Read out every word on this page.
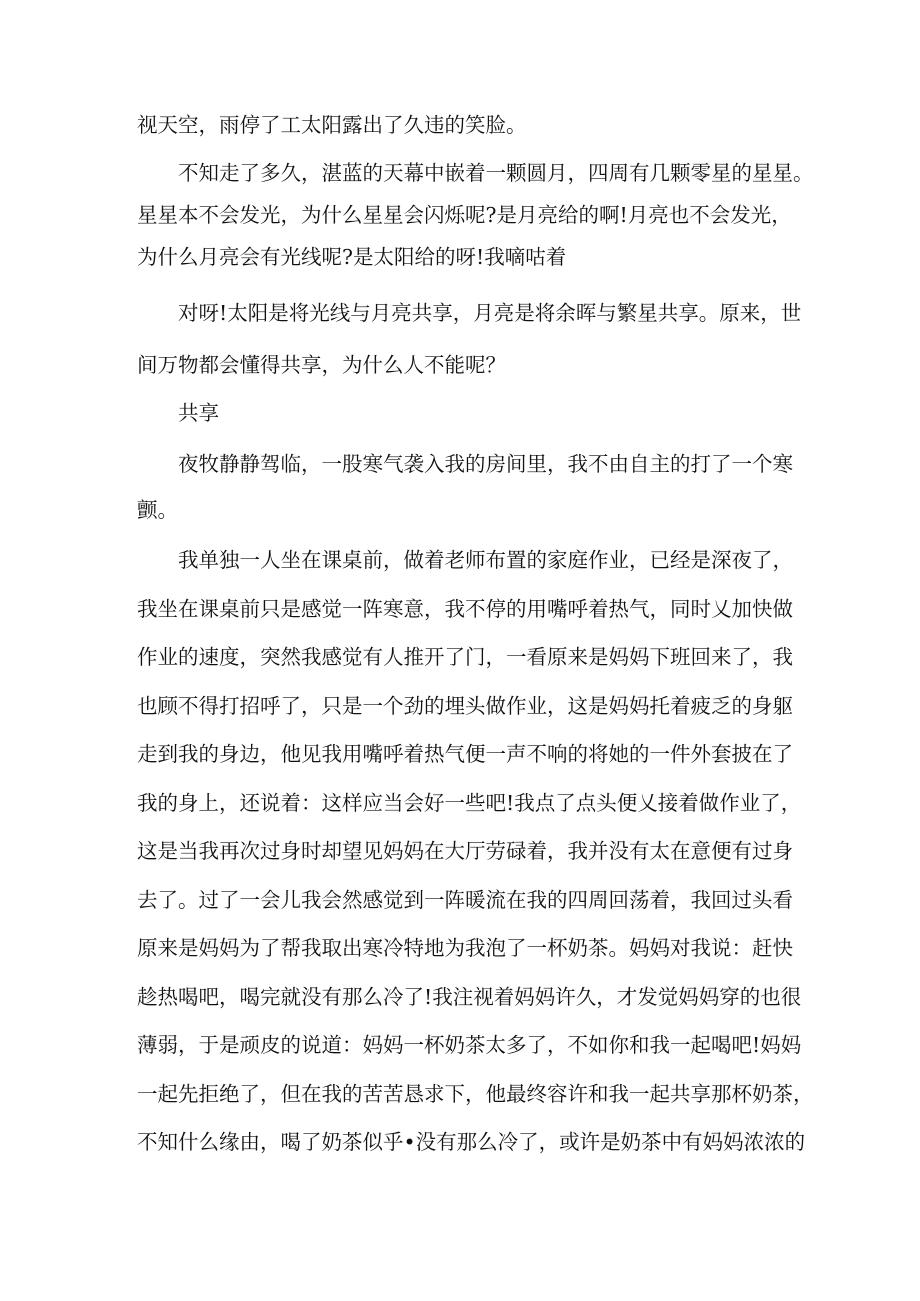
视天空，雨停了工太阳露出了久违的笑脸。

不知走了多久，湛蓝的天幕中嵌着一颗圆月，四周有几颗零星的星星。

星星本不会发光，为什么星星会闪烁呢?是月亮给的啊!月亮也不会发光，

为什么月亮会有光线呢?是太阳给的呀!我嘀咕着

对呀!太阳是将光线与月亮共享，月亮是将余晖与繁星共享。原来，世

间万物都会懂得共享，为什么人不能呢？

共享

夜牧静静驾临，一股寒气袭入我的房间里，我不由自主的打了一个寒

颤。

我单独一人坐在课桌前，做着老师布置的家庭作业，已经是深夜了，

我坐在课桌前只是感觉一阵寒意，我不停的用嘴呼着热气，同时乂加快做

作业的速度，突然我感觉有人推开了门，一看原来是妈妈下班回来了，我

也顾不得打招呼了，只是一个劲的埋头做作业，这是妈妈托着疲乏的身躯

走到我的身边，他见我用嘴呼着热气便一声不响的将她的一件外套披在了

我的身上，还说着：这样应当会好一些吧!我点了点头便乂接着做作业了，

这是当我再次过身时却望见妈妈在大厅劳碌着，我并没有太在意便有过身

去了。过了一会儿我会然感觉到一阵暖流在我的四周回荡着，我回过头看

原来是妈妈为了帮我取出寒冷特地为我泡了一杯奶茶。妈妈对我说：赶快

趁热喝吧，喝完就没有那么冷了!我注视着妈妈许久，才发觉妈妈穿的也很

薄弱，于是顽皮的说道：妈妈一杯奶茶太多了，不如你和我一起喝吧!妈妈

一起先拒绝了，但在我的苦苦恳求下，他最终容许和我一起共享那杯奶茶，

不知什么缘由，喝了奶茶似乎•没有那么冷了，或许是奶茶中有妈妈浓浓的
